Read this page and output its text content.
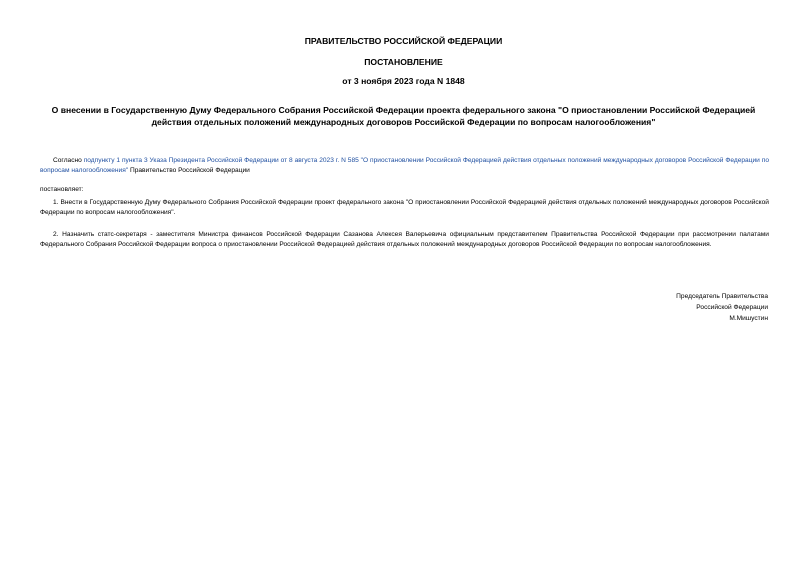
ПРАВИТЕЛЬСТВО РОССИЙСКОЙ ФЕДЕРАЦИИ
ПОСТАНОВЛЕНИЕ
от 3 ноября 2023 года N 1848
О внесении в Государственную Думу Федерального Собрания Российской Федерации проекта федерального закона "О приостановлении Российской Федерацией действия отдельных положений международных договоров Российской Федерации по вопросам налогообложения"
Согласно подпункту 1 пункта 3 Указа Президента Российской Федерации от 8 августа 2023 г. N 585 "О приостановлении Российской Федерацией действия отдельных положений международных договоров Российской Федерации по вопросам налогообложения" Правительство Российской Федерации
постановляет:
1. Внести в Государственную Думу Федерального Собрания Российской Федерации проект федерального закона "О приостановлении Российской Федерацией действия отдельных положений международных договоров Российской Федерации по вопросам налогообложения".
2. Назначить статс-секретаря - заместителя Министра финансов Российской Федерации Сазанова Алексея Валерьевича официальным представителем Правительства Российской Федерации при рассмотрении палатами Федерального Собрания Российской Федерации вопроса о приостановлении Российской Федерацией действия отдельных положений международных договоров Российской Федерации по вопросам налогообложения.
Председатель Правительства
Российской Федерации
М.Мишустин
